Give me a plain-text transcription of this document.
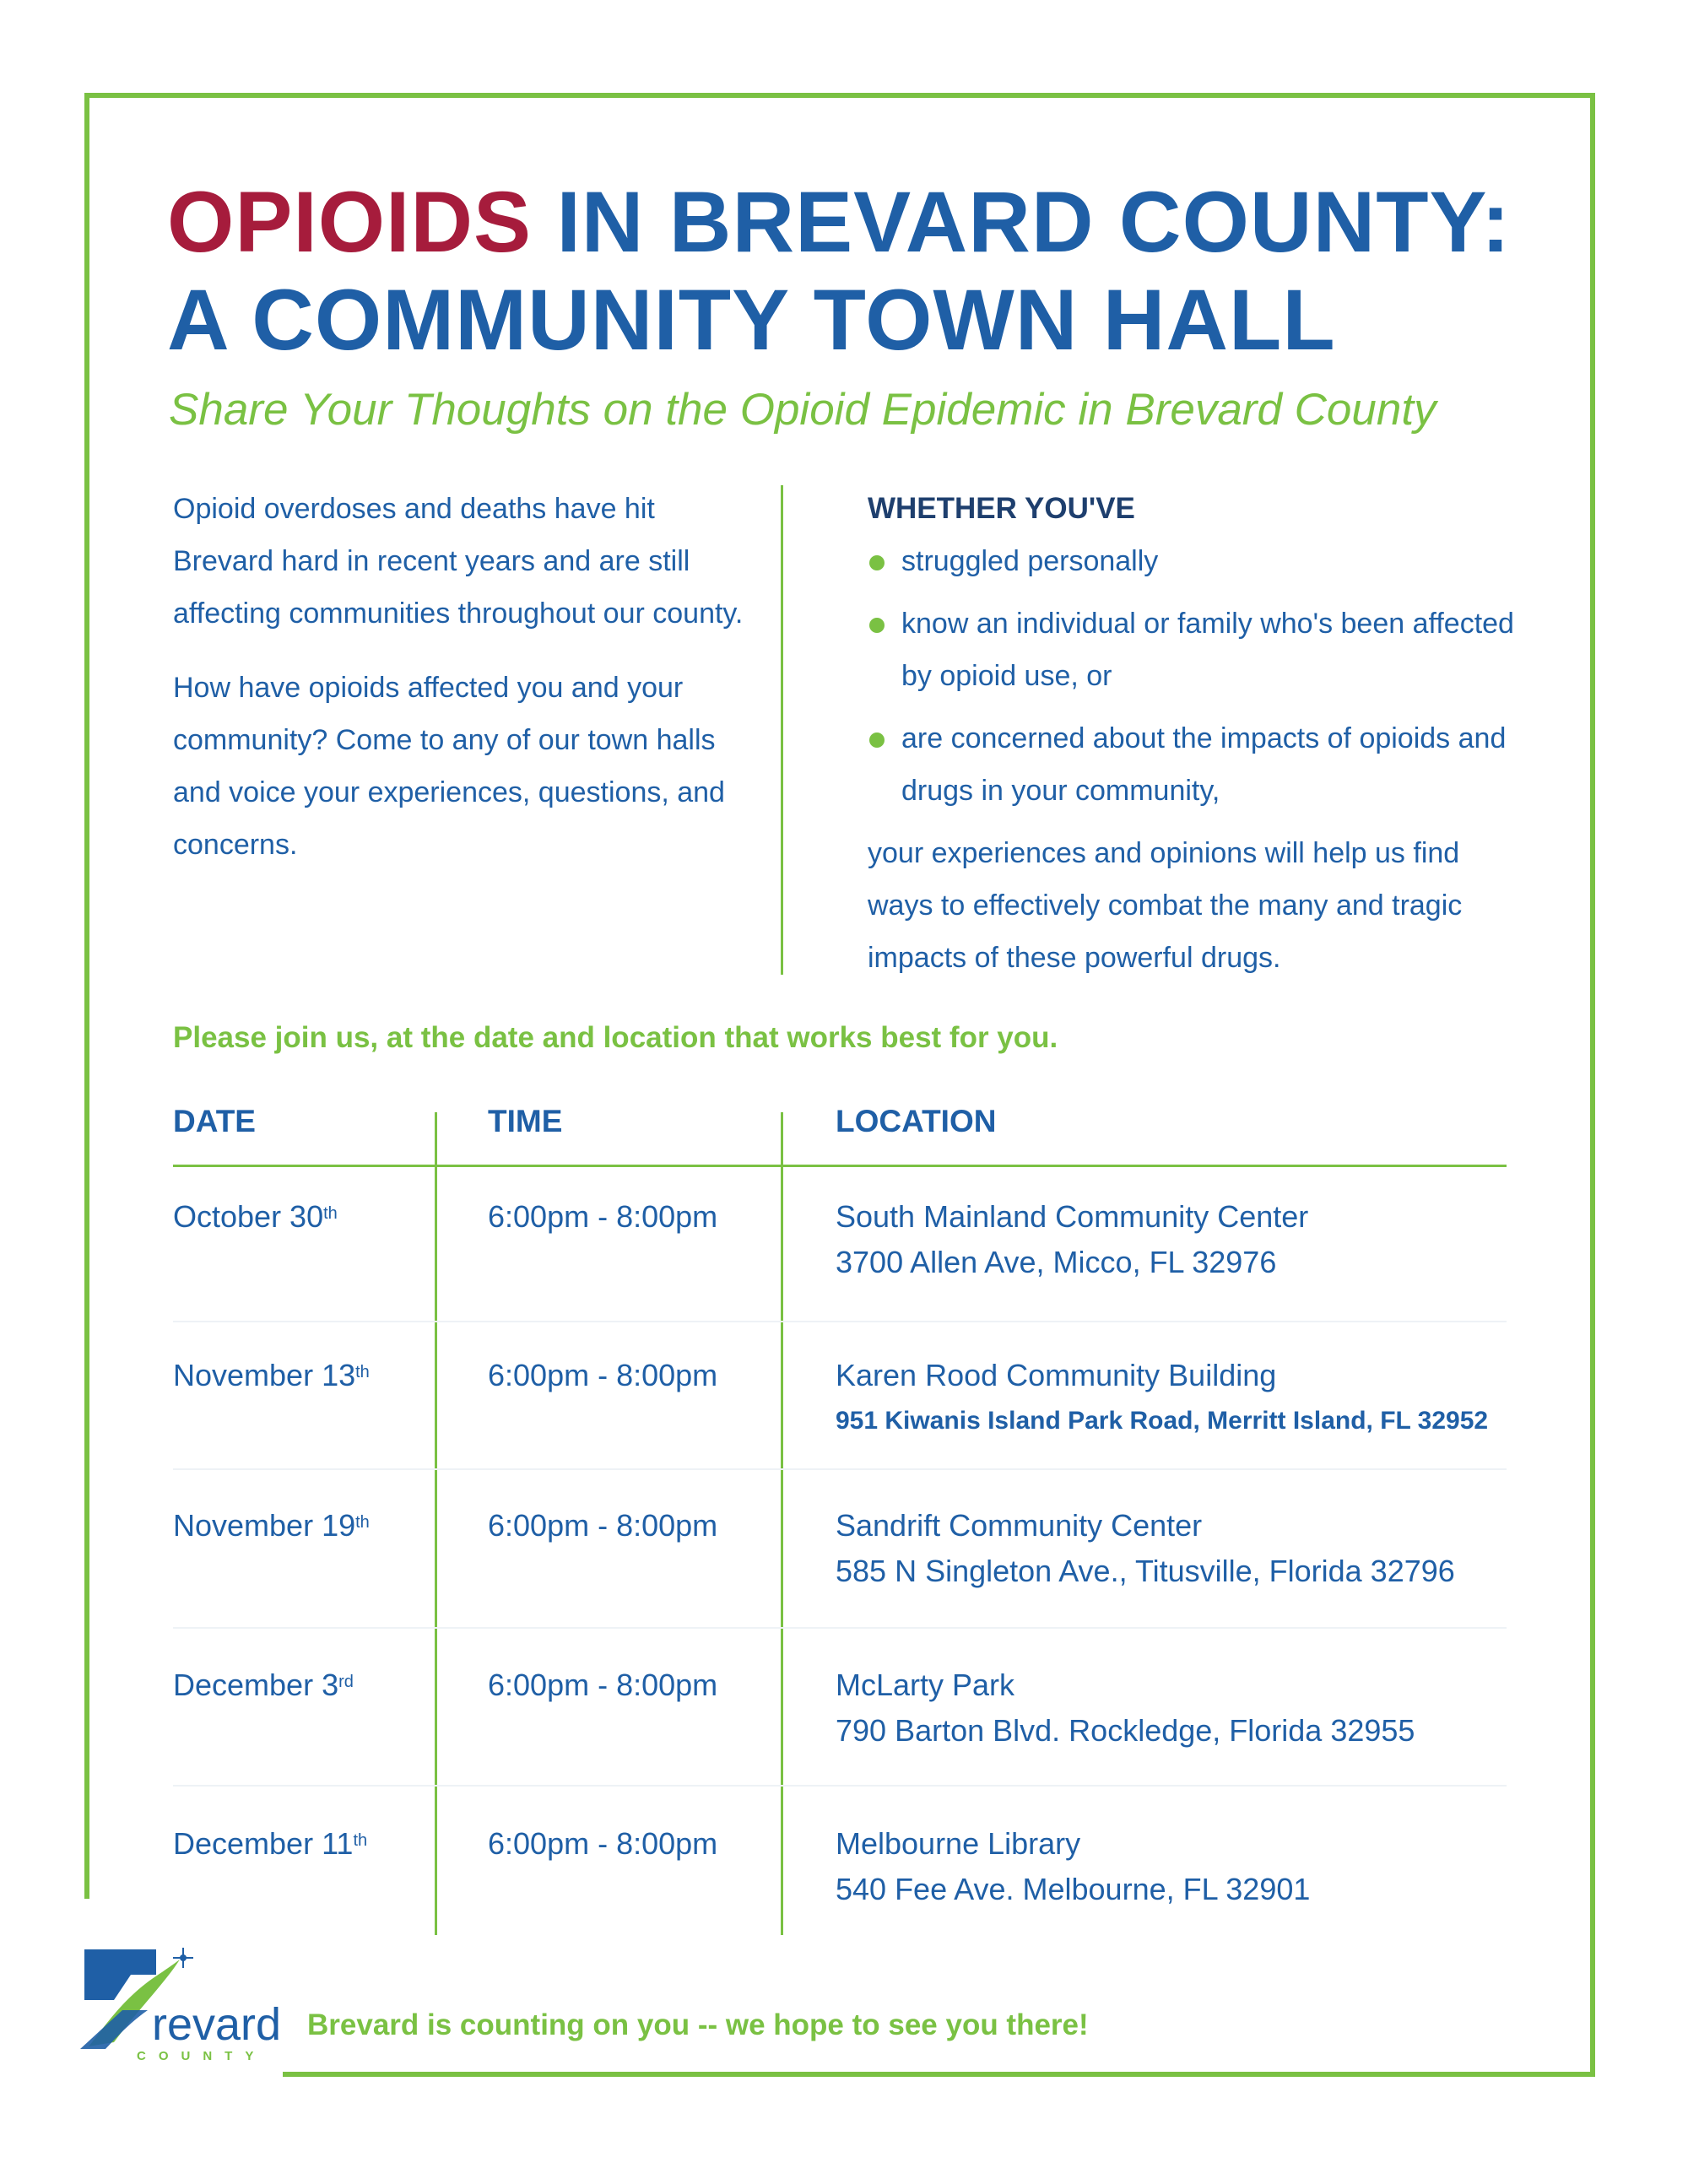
OPIOIDS IN BREVARD COUNTY:
A COMMUNITY TOWN HALL
Share Your Thoughts on the Opioid Epidemic in Brevard County

Opioid overdoses and deaths have hit Brevard hard in recent years and are still affecting communities throughout our county.

How have opioids affected you and your community? Come to any of our town halls and voice your experiences, questions, and concerns.

WHETHER YOU'VE

struggled personally
know an individual or family who's been affected by opioid use, or
are concerned about the impacts of opioids and drugs in your community,

your experiences and opinions will help us find ways to effectively combat the many and tragic impacts of these powerful drugs.

Please join us, at the date and location that works best for you.
DATE	TIME	LOCATION
October 30th	6:00pm - 8:00pm	South Mainland Community Center
3700 Allen Ave, Micco, FL 32976
November 13th	6:00pm - 8:00pm	Karen Rood Community Building
951 Kiwanis Island Park Road, Merritt Island, FL 32952
November 19th	6:00pm - 8:00pm	Sandrift Community Center
585 N Singleton Ave., Titusville, Florida 32796
December 3rd	6:00pm - 8:00pm	McLarty Park
790 Barton Blvd. Rockledge, Florida 32955
December 11th	6:00pm - 8:00pm	Melbourne Library
540 Fee Ave. Melbourne, FL 32901
revard
COUNTY
Brevard is counting on you -- we hope to see you there!
